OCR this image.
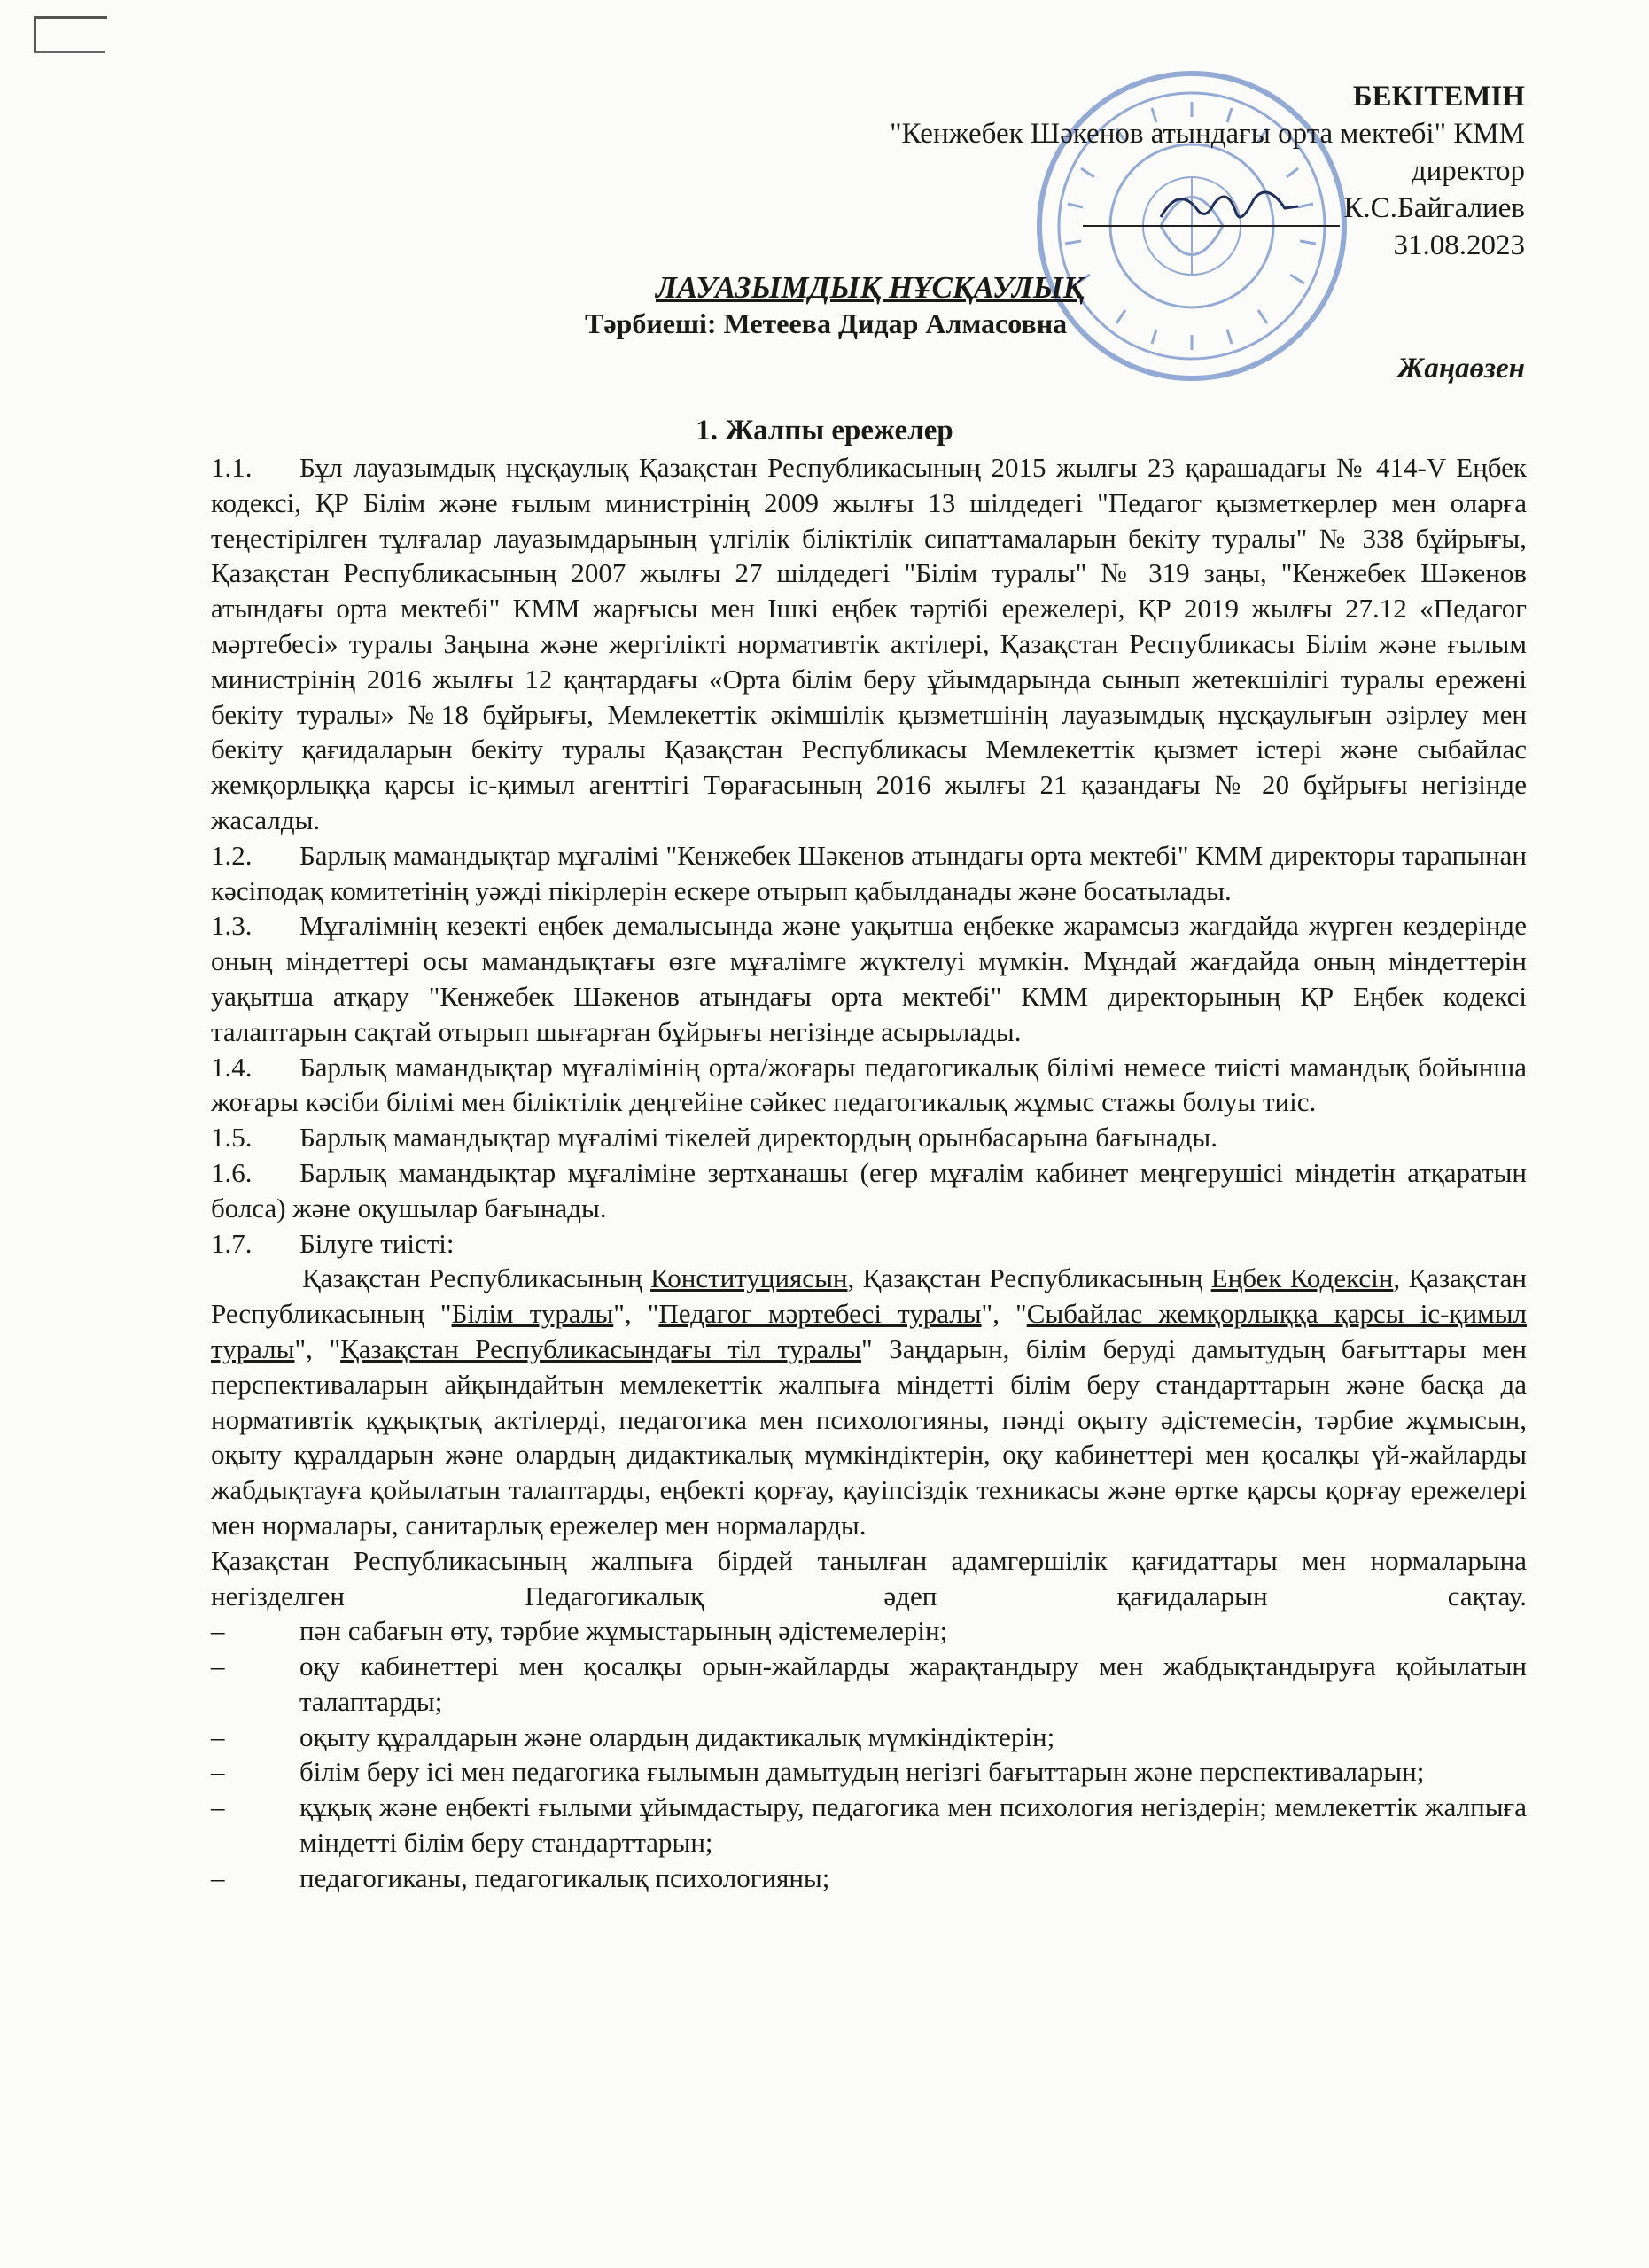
БЕКІТЕМІН
"Кенжебек Шәкенов атындағы орта мектебі" КММ
директор
К.С.Байгалиев
31.08.2023
ЛАУАЗЫМДЫҚ НҰСҚАУЛЫҚ
Тәрбиеші: Метеева Дидар Алмасовна
Жаңаөзен
1. Жалпы ережелер

1.1. Бұл лауазымдық нұсқаулық Қазақстан Республикасының 2015 жылғы 23 қарашадағы № 414-V Еңбек кодексі, ҚР Білім және ғылым министрінің 2009 жылғы 13 шілдедегі "Педагог қызметкерлер мен оларға теңестірілген тұлғалар лауазымдарының үлгілік біліктілік сипаттамаларын бекіту туралы" № 338 бұйрығы, Қазақстан Республикасының 2007 жылғы 27 шілдедегі "Білім туралы" № 319 заңы, "Кенжебек Шәкенов атындағы орта мектебі" КММ жарғысы мен Ішкі еңбек тәртібі ережелері, ҚР 2019 жылғы 27.12 «Педагог мәртебесі» туралы Заңына және жергілікті нормативтік актілері, Қазақстан Республикасы Білім және ғылым министрінің 2016 жылғы 12 қаңтардағы «Орта білім беру ұйымдарында сынып жетекшілігі туралы ережені бекіту туралы» №18 бұйрығы, Мемлекеттік әкімшілік қызметшінің лауазымдық нұсқаулығын әзірлеу мен бекіту қағидаларын бекіту туралы Қазақстан Республикасы Мемлекеттік қызмет істері және сыбайлас жемқорлыққа қарсы іс-қимыл агенттігі Төрағасының 2016 жылғы 21 қазандағы № 20 бұйрығы негізінде жасалды.

1.2. Барлық мамандықтар мұғалімі "Кенжебек Шәкенов атындағы орта мектебі" КММ директоры тарапынан кәсіподақ комитетінің уәжді пікірлерін ескере отырып қабылданады және босатылады.

1.3. Мұғалімнің кезекті еңбек демалысында және уақытша еңбекке жарамсыз жағдайда жүрген кездерінде оның міндеттері осы мамандықтағы өзге мұғалімге жүктелуі мүмкін. Мұндай жағдайда оның міндеттерін уақытша атқару "Кенжебек Шәкенов атындағы орта мектебі" КММ директорының ҚР Еңбек кодексі талаптарын сақтай отырып шығарған бұйрығы негізінде асырылады.

1.4. Барлық мамандықтар мұғалімінің орта/жоғары педагогикалық білімі немесе тиісті мамандық бойынша жоғары кәсіби білімі мен біліктілік деңгейіне сәйкес педагогикалық жұмыс стажы болуы тиіс.

1.5. Барлық мамандықтар мұғалімі тікелей директордың орынбасарына бағынады.

1.6. Барлық мамандықтар мұғаліміне зертханашы (егер мұғалім кабинет меңгерушісі міндетін атқаратын болса) және оқушылар бағынады.

1.7. Білуге тиісті:

Қазақстан Республикасының Конституциясын, Қазақстан Республикасының Еңбек Кодексін, Қазақстан Республикасының "Білім туралы", "Педагог мәртебесі туралы", "Сыбайлас жемқорлыққа қарсы іс-қимыл туралы", "Қазақстан Республикасындағы тіл туралы" Заңдарын, білім беруді дамытудың бағыттары мен перспективаларын айқындайтын мемлекеттік жалпыға міндетті білім беру стандарттарын және басқа да нормативтік құқықтық актілерді, педагогика мен психологияны, пәнді оқыту әдістемесін, тәрбие жұмысын, оқыту құралдарын және олардың дидактикалық мүмкіндіктерін, оқу кабинеттері мен қосалқы үй-жайларды жабдықтауға қойылатын талаптарды, еңбекті қорғау, қауіпсіздік техникасы және өртке қарсы қорғау ережелері мен нормалары, санитарлық ережелер мен нормаларды.

Қазақстан Республикасының жалпыға бірдей танылған адамгершілік қағидаттары мен нормаларына негізделген Педагогикалық әдеп қағидаларын сақтау.

–	пән сабағын өту, тәрбие жұмыстарының әдістемелерін;
–	оқу кабинеттері мен қосалқы орын-жайларды жарақтандыру мен жабдықтандыруға қойылатын талаптарды;
–	оқыту құралдарын және олардың дидактикалық мүмкіндіктерін;
–	білім беру ісі мен педагогика ғылымын дамытудың негізгі бағыттарын және перспективаларын;
–	құқық және еңбекті ғылыми ұйымдастыру, педагогика мен психология негіздерін; мемлекеттік жалпыға міндетті білім беру стандарттарын;
–	педагогиканы, педагогикалық психологияны;
